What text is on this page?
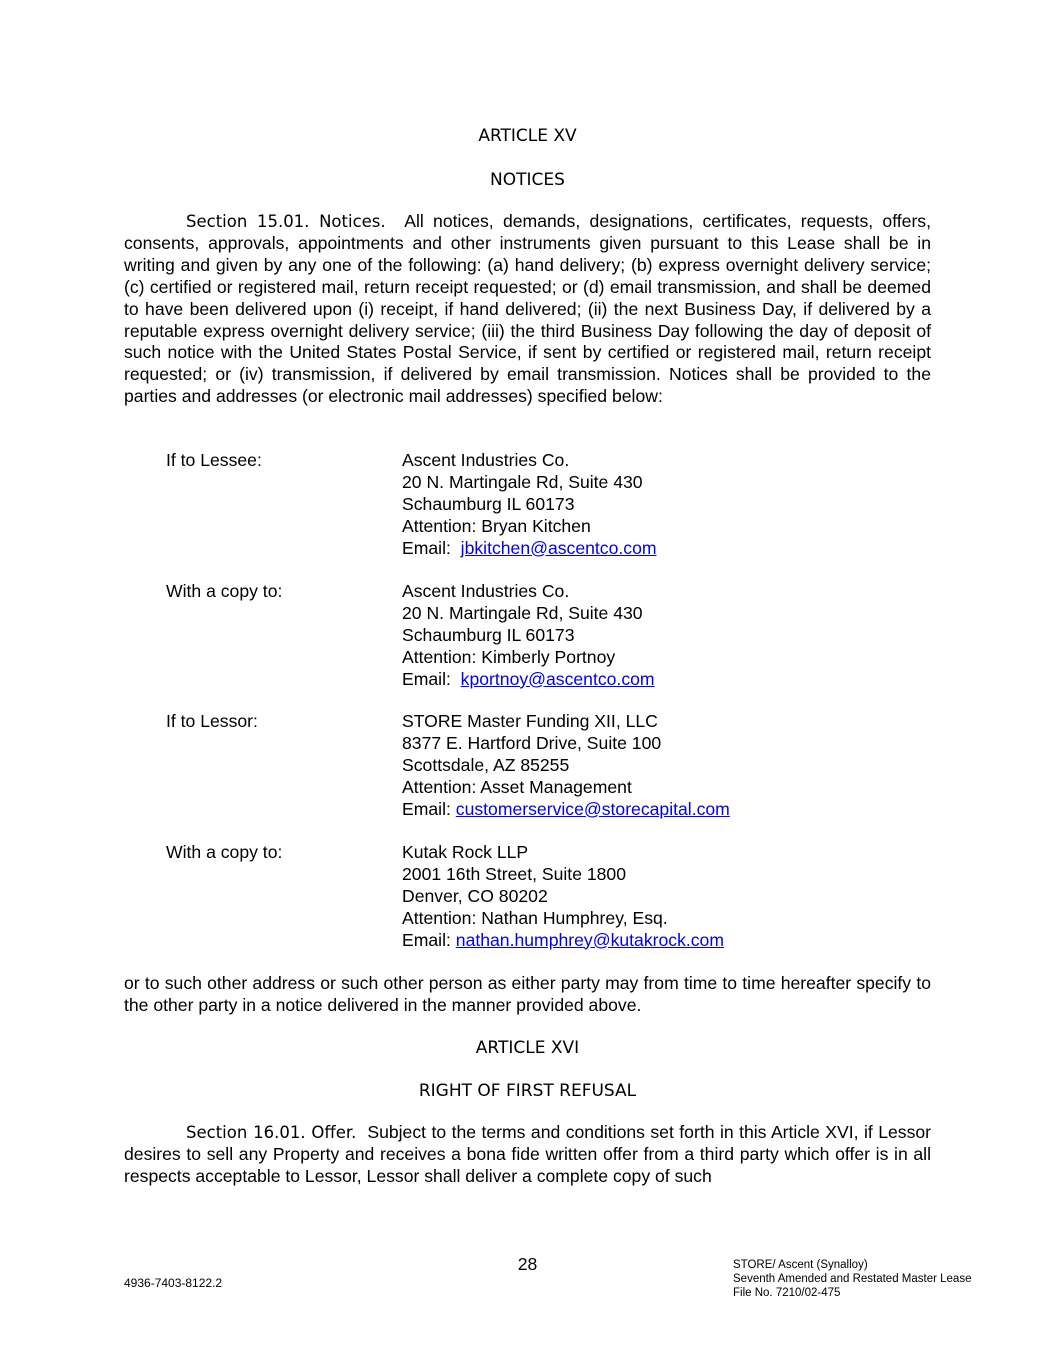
ARTICLE XV
NOTICES
Section 15.01. Notices. All notices, demands, designations, certificates, requests, offers, consents, approvals, appointments and other instruments given pursuant to this Lease shall be in writing and given by any one of the following: (a) hand delivery; (b) express overnight delivery service; (c) certified or registered mail, return receipt requested; or (d) email transmission, and shall be deemed to have been delivered upon (i) receipt, if hand delivered; (ii) the next Business Day, if delivered by a reputable express overnight delivery service; (iii) the third Business Day following the day of deposit of such notice with the United States Postal Service, if sent by certified or registered mail, return receipt requested; or (iv) transmission, if delivered by email transmission. Notices shall be provided to the parties and addresses (or electronic mail addresses) specified below:
If to Lessee:	Ascent Industries Co.
20 N. Martingale Rd, Suite 430
Schaumburg IL 60173
Attention: Bryan Kitchen
Email:  jbkitchen@ascentco.com
With a copy to:	Ascent Industries Co.
20 N. Martingale Rd, Suite 430
Schaumburg IL 60173
Attention: Kimberly Portnoy
Email:  kportnoy@ascentco.com
If to Lessor:	STORE Master Funding XII, LLC
8377 E. Hartford Drive, Suite 100
Scottsdale, AZ 85255
Attention: Asset Management
Email: customerservice@storecapital.com
With a copy to:	Kutak Rock LLP
2001 16th Street, Suite 1800
Denver, CO 80202
Attention: Nathan Humphrey, Esq.
Email: nathan.humphrey@kutakrock.com
or to such other address or such other person as either party may from time to time hereafter specify to the other party in a notice delivered in the manner provided above.
ARTICLE XVI
RIGHT OF FIRST REFUSAL
Section 16.01. Offer. Subject to the terms and conditions set forth in this Article XVI, if Lessor desires to sell any Property and receives a bona fide written offer from a third party which offer is in all respects acceptable to Lessor, Lessor shall deliver a complete copy of such
28
4936-7403-8122.2
STORE/ Ascent (Synalloy)
Seventh Amended and Restated Master Lease
File No. 7210/02-475
